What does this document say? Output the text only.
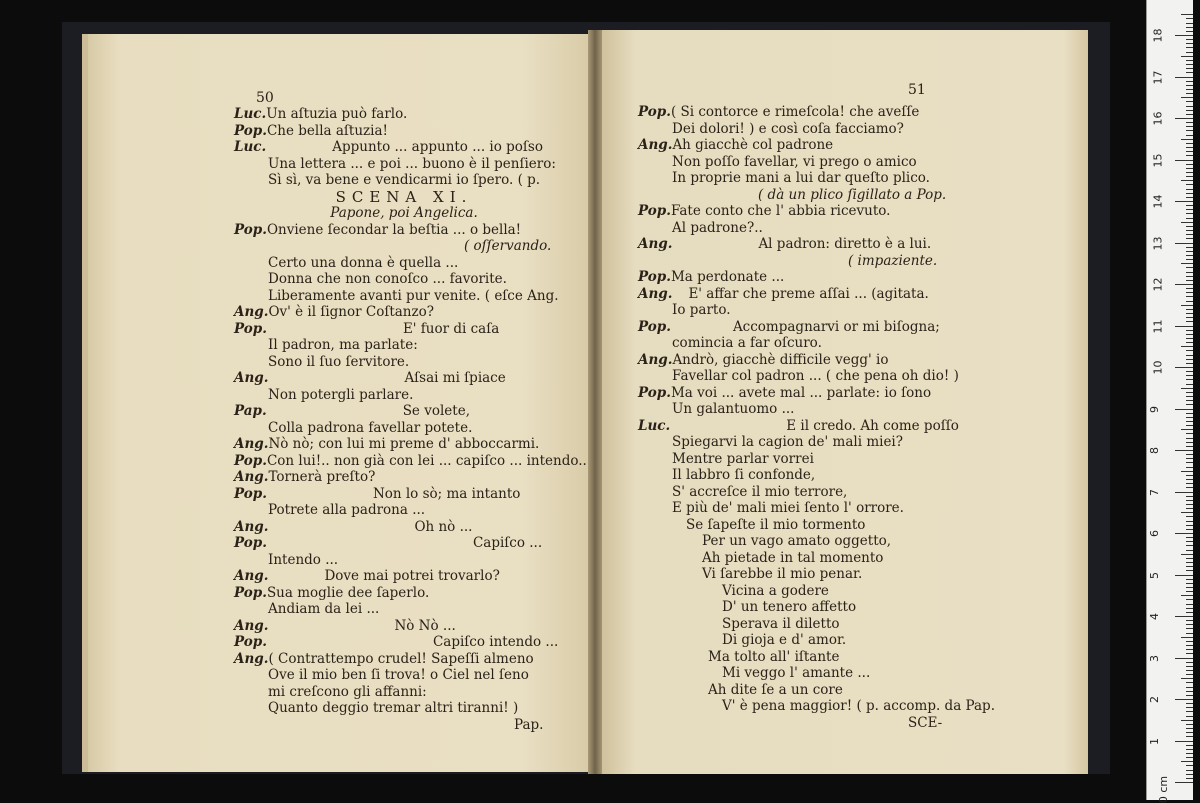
50
Luc.Un aſtuzia può farlo.
Pop.Che bella aſtuzia!
Luc.	Appunto ... appunto ... io poſso
Una lettera ... e poi ... buono è il penſiero:
Sì sì, va bene e vendicarmi io ſpero. ( p.
SCENA XI.
Papone, poi Angelica.
Pop.Onviene ſecondar la beſtia ... o bella!
( oſſervando.
Certo una donna è quella ...
Donna che non conoſco ... favorite.
Liberamente avanti pur venite. ( eſce Ang.
Ang.Ov' è il ſignor Coſtanzo?
Pop.	E' fuor di caſa
Il padron, ma parlate:
Sono il ſuo ſervitore.
Ang.	Aſsai mi ſpiace
Non potergli parlare.
Pap.	Se volete,
Colla padrona favellar potete.
Ang.Nò nò; con lui mi preme d' abboccarmi.
Pop.Con lui!.. non già con lei ... capiſco ... intendo..
Ang.Tornerà preſto?
Pop.	Non lo sò; ma intanto
Potrete alla padrona ...
Ang.	Oh nò ...
Pop.	Capiſco ...
Intendo ...
Ang.	Dove mai potrei trovarlo?
Pop.Sua moglie dee ſaperlo.
Andiam da lei ...
Ang.	Nò Nò ...
Pop.	Capiſco intendo ...
Ang.( Contrattempo crudel! Sapeſſi almeno
Ove il mio ben ſi trova! o Ciel nel ſeno
mi creſcono gli affanni:
Quanto deggio tremar altri tiranni! )
Pap.
51
Pop.( Si contorce e rimeſcola! che aveſſe
Dei dolori! ) e così coſa facciamo?
Ang.Ah giacchè col padrone
Non poſſo favellar, vi prego o amico
In proprie mani a lui dar queſto plico.
( dà un plico ſigillato a Pop.
Pop.Fate conto che l' abbia ricevuto.
Al padrone?..
Ang.	Al padron: diretto è a lui.
( impaziente.
Pop.Ma perdonate ...
Ang. E' affar che preme aſſai ... (agitata.
Io parto.
Pop.	Accompagnarvi or mi biſogna;
comincia a far oſcuro.
Ang.Andrò, giacchè difficile vegg' io
Favellar col padron ... ( che pena oh dio! )
Pop.Ma voi ... avete mal ... parlate: io ſono
Un galantuomo ...
Luc.	E il credo. Ah come poſſo
Spiegarvi la cagion de' mali miei?
Mentre parlar vorrei
Il labbro ſi confonde,
S' accreſce il mio terrore,
E più de' mali miei ſento l' orrore.
Se ſapeſte il mio tormento
Per un vago amato oggetto,
Ah pietade in tal momento
Vi ſarebbe il mio penar.
Vicina a godere
D' un tenero affetto
Sperava il diletto
Di gioja e d' amor.
Ma tolto all' iſtante
Mi veggo l' amante ...
Ah dite ſe a un core
V' è pena maggior! ( p. accomp. da Pap.
SCE-
0 cm
1
2
3
4
5
6
7
8
9
10
11
12
13
14
15
16
17
18
